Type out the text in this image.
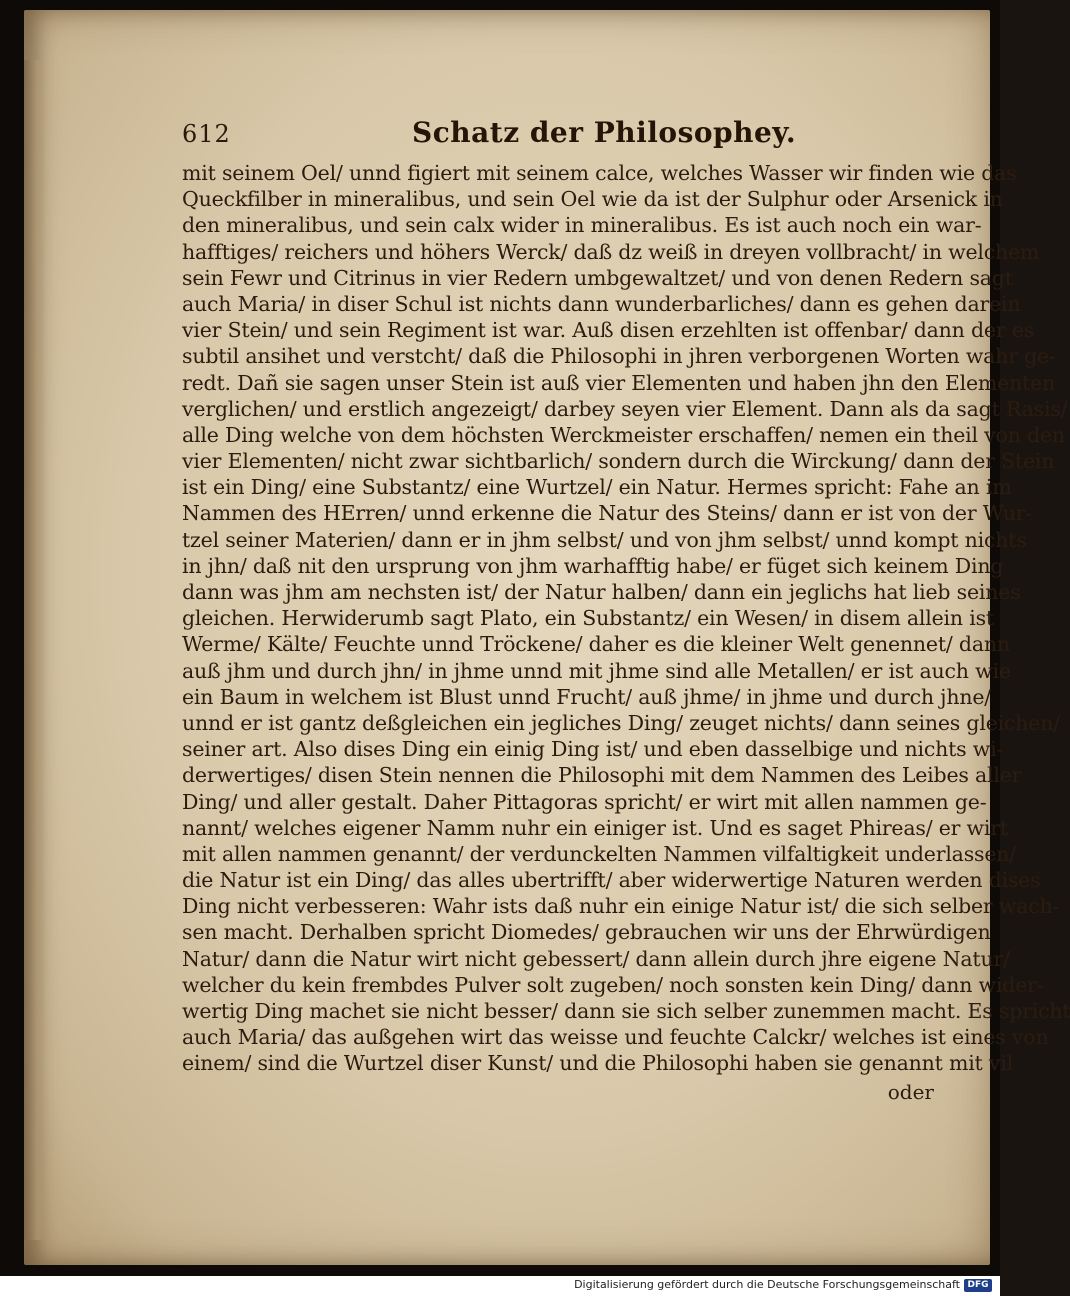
612	Schatz der Philosophey.
mit seinem Oel/ unnd figiert mit seinem calce, welches Wasser wir finden wie das
Queckfilber in mineralibus, und sein Oel wie da ist der Sulphur oder Arsenick in
den mineralibus, und sein calx wider in mineralibus. Es ist auch noch ein war-
hafftiges/ reichers und höhers Werck/ daß dz weiß in dreyen vollbracht/ in welchem
sein Fewr und Citrinus in vier Redern umbgewaltzet/ und von denen Redern sagt
auch Maria/ in diser Schul ist nichts dann wunderbarliches/ dann es gehen darein
vier Stein/ und sein Regiment ist war. Auß disen erzehlten ist offenbar/ dann der es
subtil ansihet und verstcht/ daß die Philosophi in jhren verborgenen Worten wahr ge-
redt. Dañ sie sagen unser Stein ist auß vier Elementen und haben jhn den Elementen
verglichen/ und erstlich angezeigt/ darbey seyen vier Element. Dann als da sagt Rasis/
alle Ding welche von dem höchsten Werckmeister erschaffen/ nemen ein theil von den
vier Elementen/ nicht zwar sichtbarlich/ sondern durch die Wirckung/ dann der Stein
ist ein Ding/ eine Substantz/ eine Wurtzel/ ein Natur. Hermes spricht: Fahe an im
Nammen des HErren/ unnd erkenne die Natur des Steins/ dann er ist von der Wur-
tzel seiner Materien/ dann er in jhm selbst/ und von jhm selbst/ unnd kompt nichts
in jhn/ daß nit den ursprung von jhm warhafftig habe/ er füget sich keinem Ding
dann was jhm am nechsten ist/ der Natur halben/ dann ein jeglichs hat lieb seines
gleichen. Herwiderumb sagt Plato, ein Substantz/ ein Wesen/ in disem allein ist
Werme/ Kälte/ Feuchte unnd Tröckene/ daher es die kleiner Welt genennet/ dann
auß jhm und durch jhn/ in jhme unnd mit jhme sind alle Metallen/ er ist auch wie
ein Baum in welchem ist Blust unnd Frucht/ auß jhme/ in jhme und durch jhne/
unnd er ist gantz deßgleichen ein jegliches Ding/ zeuget nichts/ dann seines gleichen/
seiner art. Also dises Ding ein einig Ding ist/ und eben dasselbige und nichts wi-
derwertiges/ disen Stein nennen die Philosophi mit dem Nammen des Leibes aller
Ding/ und aller gestalt. Daher Pittagoras spricht/ er wirt mit allen nammen ge-
nannt/ welches eigener Namm nuhr ein einiger ist. Und es saget Phireas/ er wirt
mit allen nammen genannt/ der verdunckelten Nammen vilfaltigkeit underlassen/
die Natur ist ein Ding/ das alles ubertrifft/ aber widerwertige Naturen werden dises
Ding nicht verbesseren: Wahr ists daß nuhr ein einige Natur ist/ die sich selber wach-
sen macht. Derhalben spricht Diomedes/ gebrauchen wir uns der Ehrwürdigen
Natur/ dann die Natur wirt nicht gebessert/ dann allein durch jhre eigene Natur/
welcher du kein frembdes Pulver solt zugeben/ noch sonsten kein Ding/ dann wider-
wertig Ding machet sie nicht besser/ dann sie sich selber zunemmen macht. Es spricht
auch Maria/ das außgehen wirt das weisse und feuchte Calckr/ welches ist eines von
einem/ sind die Wurtzel diser Kunst/ und die Philosophi haben sie genannt mit vil
oder
Digitalisierung gefördert durch die Deutsche Forschungsgemeinschaft DFG
